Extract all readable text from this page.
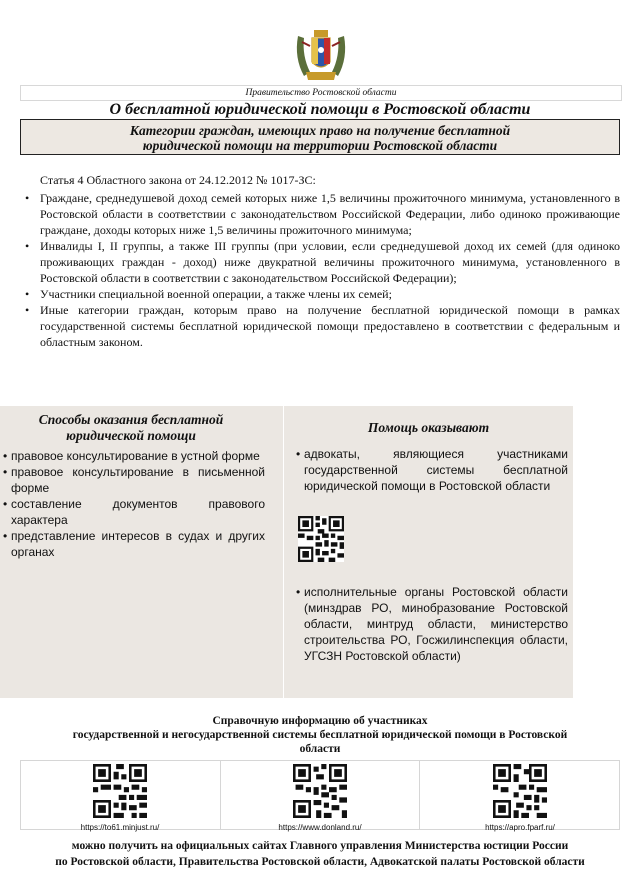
Правительство Ростовской области
О бесплатной юридической помощи в Ростовской области
Категории граждан, имеющих право на получение бесплатной
юридической помощи на территории Ростовской области
Статья 4 Областного закона от 24.12.2012 № 1017-ЗС:
• Граждане, среднедушевой доход семей которых ниже 1,5 величины прожиточного минимума, установленного в Ростовской области в соответствии с законодательством Российской Федерации, либо одиноко проживающие граждане, доходы которых ниже 1,5 величины прожиточного минимума;
• Инвалиды I, II группы, а также III группы (при условии, если среднедушевой доход их семей (для одиноко проживающих граждан - доход) ниже двукратной величины прожиточного минимума, установленного в Ростовской области в соответствии с законодательством Российской Федерации);
• Участники специальной военной операции, а также члены их семей;
• Иные категории граждан, которым право на получение бесплатной юридической помощи в рамках государственной системы бесплатной юридической помощи предоставлено в соответствии с федеральным и областным законом.
Способы оказания бесплатной
юридической помощи
• правовое консультирование в устной форме
• правовое консультирование в письменной форме
• составление документов правового характера
• представление интересов в судах и других органах
Помощь оказывают
• адвокаты, являющиеся участниками государственной системы бесплатной юридической помощи в Ростовской области
• исполнительные органы Ростовской области (минздрав РО, минобразование Ростовской области, минтруд области, министерство строительства РО, Госжилинспекция области, УГСЗН Ростовской области)
Справочную информацию об участниках
государственной и негосударственной системы бесплатной юридической помощи в Ростовской
области
https://to61.minjust.ru/	https://www.donland.ru/	https://apro.fparf.ru/
можно получить на официальных сайтах Главного управления Министерства юстиции России
по Ростовской области, Правительства Ростовской области, Адвокатской палаты Ростовской области
